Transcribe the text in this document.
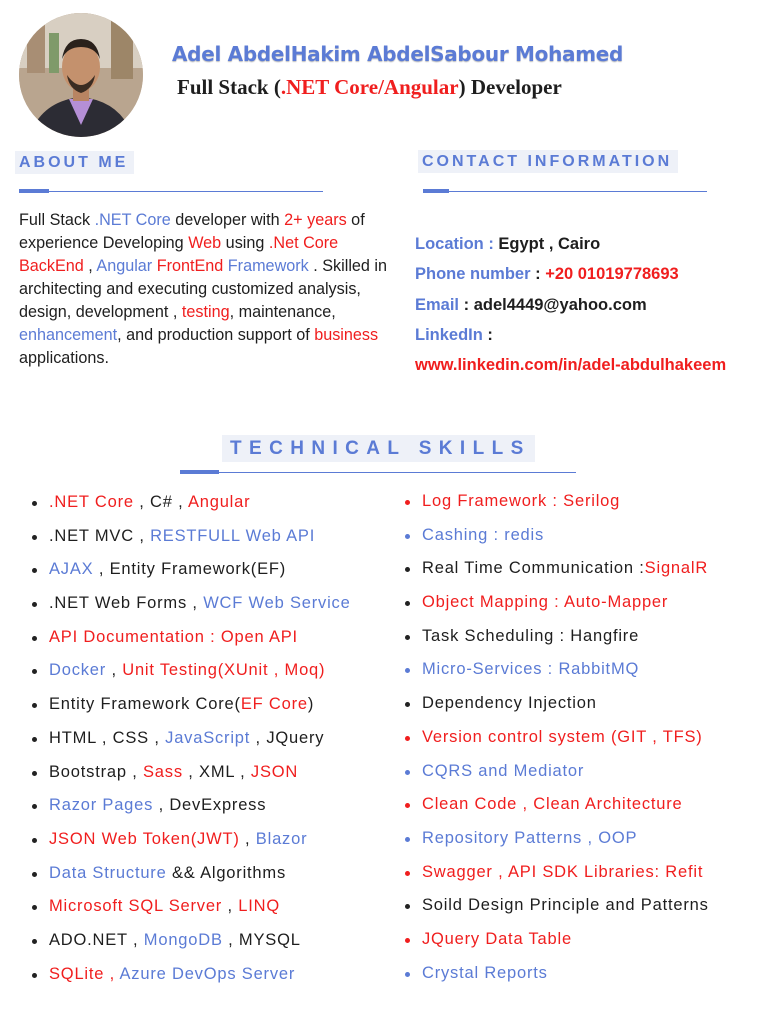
Adel AbdelHakim AbdelSabour Mohamed
Full Stack (.NET Core/Angular) Developer
ABOUT ME
Full Stack .NET Core developer with 2+ years of experience Developing Web using .Net Core BackEnd , Angular FrontEnd Framework . Skilled in architecting and executing customized analysis, design, development , testing, maintenance, enhancement, and production support of business applications.
CONTACT INFORMATION
Location : Egypt , Cairo
Phone number : +20 01019778693
Email : adel4449@yahoo.com
LinkedIn :
www.linkedin.com/in/adel-abdulhakeem
TECHNICAL SKILLS
.NET Core , C# , Angular
.NET MVC , RESTFULL Web API
AJAX , Entity Framework(EF)
.NET Web Forms , WCF Web Service
API Documentation : Open API
Docker , Unit Testing(XUnit , Moq)
Entity Framework Core(EF Core)
HTML , CSS , JavaScript , JQuery
Bootstrap , Sass , XML , JSON
Razor Pages , DevExpress
JSON Web Token(JWT) , Blazor
Data Structure && Algorithms
Microsoft SQL Server , LINQ
ADO.NET , MongoDB , MYSQL
SQLite , Azure DevOps Server
Log Framework : Serilog
Cashing : redis
Real Time Communication :SignalR
Object Mapping : Auto-Mapper
Task Scheduling : Hangfire
Micro-Services : RabbitMQ
Dependency Injection
Version control system (GIT , TFS)
CQRS and Mediator
Clean Code , Clean Architecture
Repository Patterns , OOP
Swagger , API SDK Libraries: Refit
Soild Design Principle and Patterns
JQuery Data Table
Crystal Reports
